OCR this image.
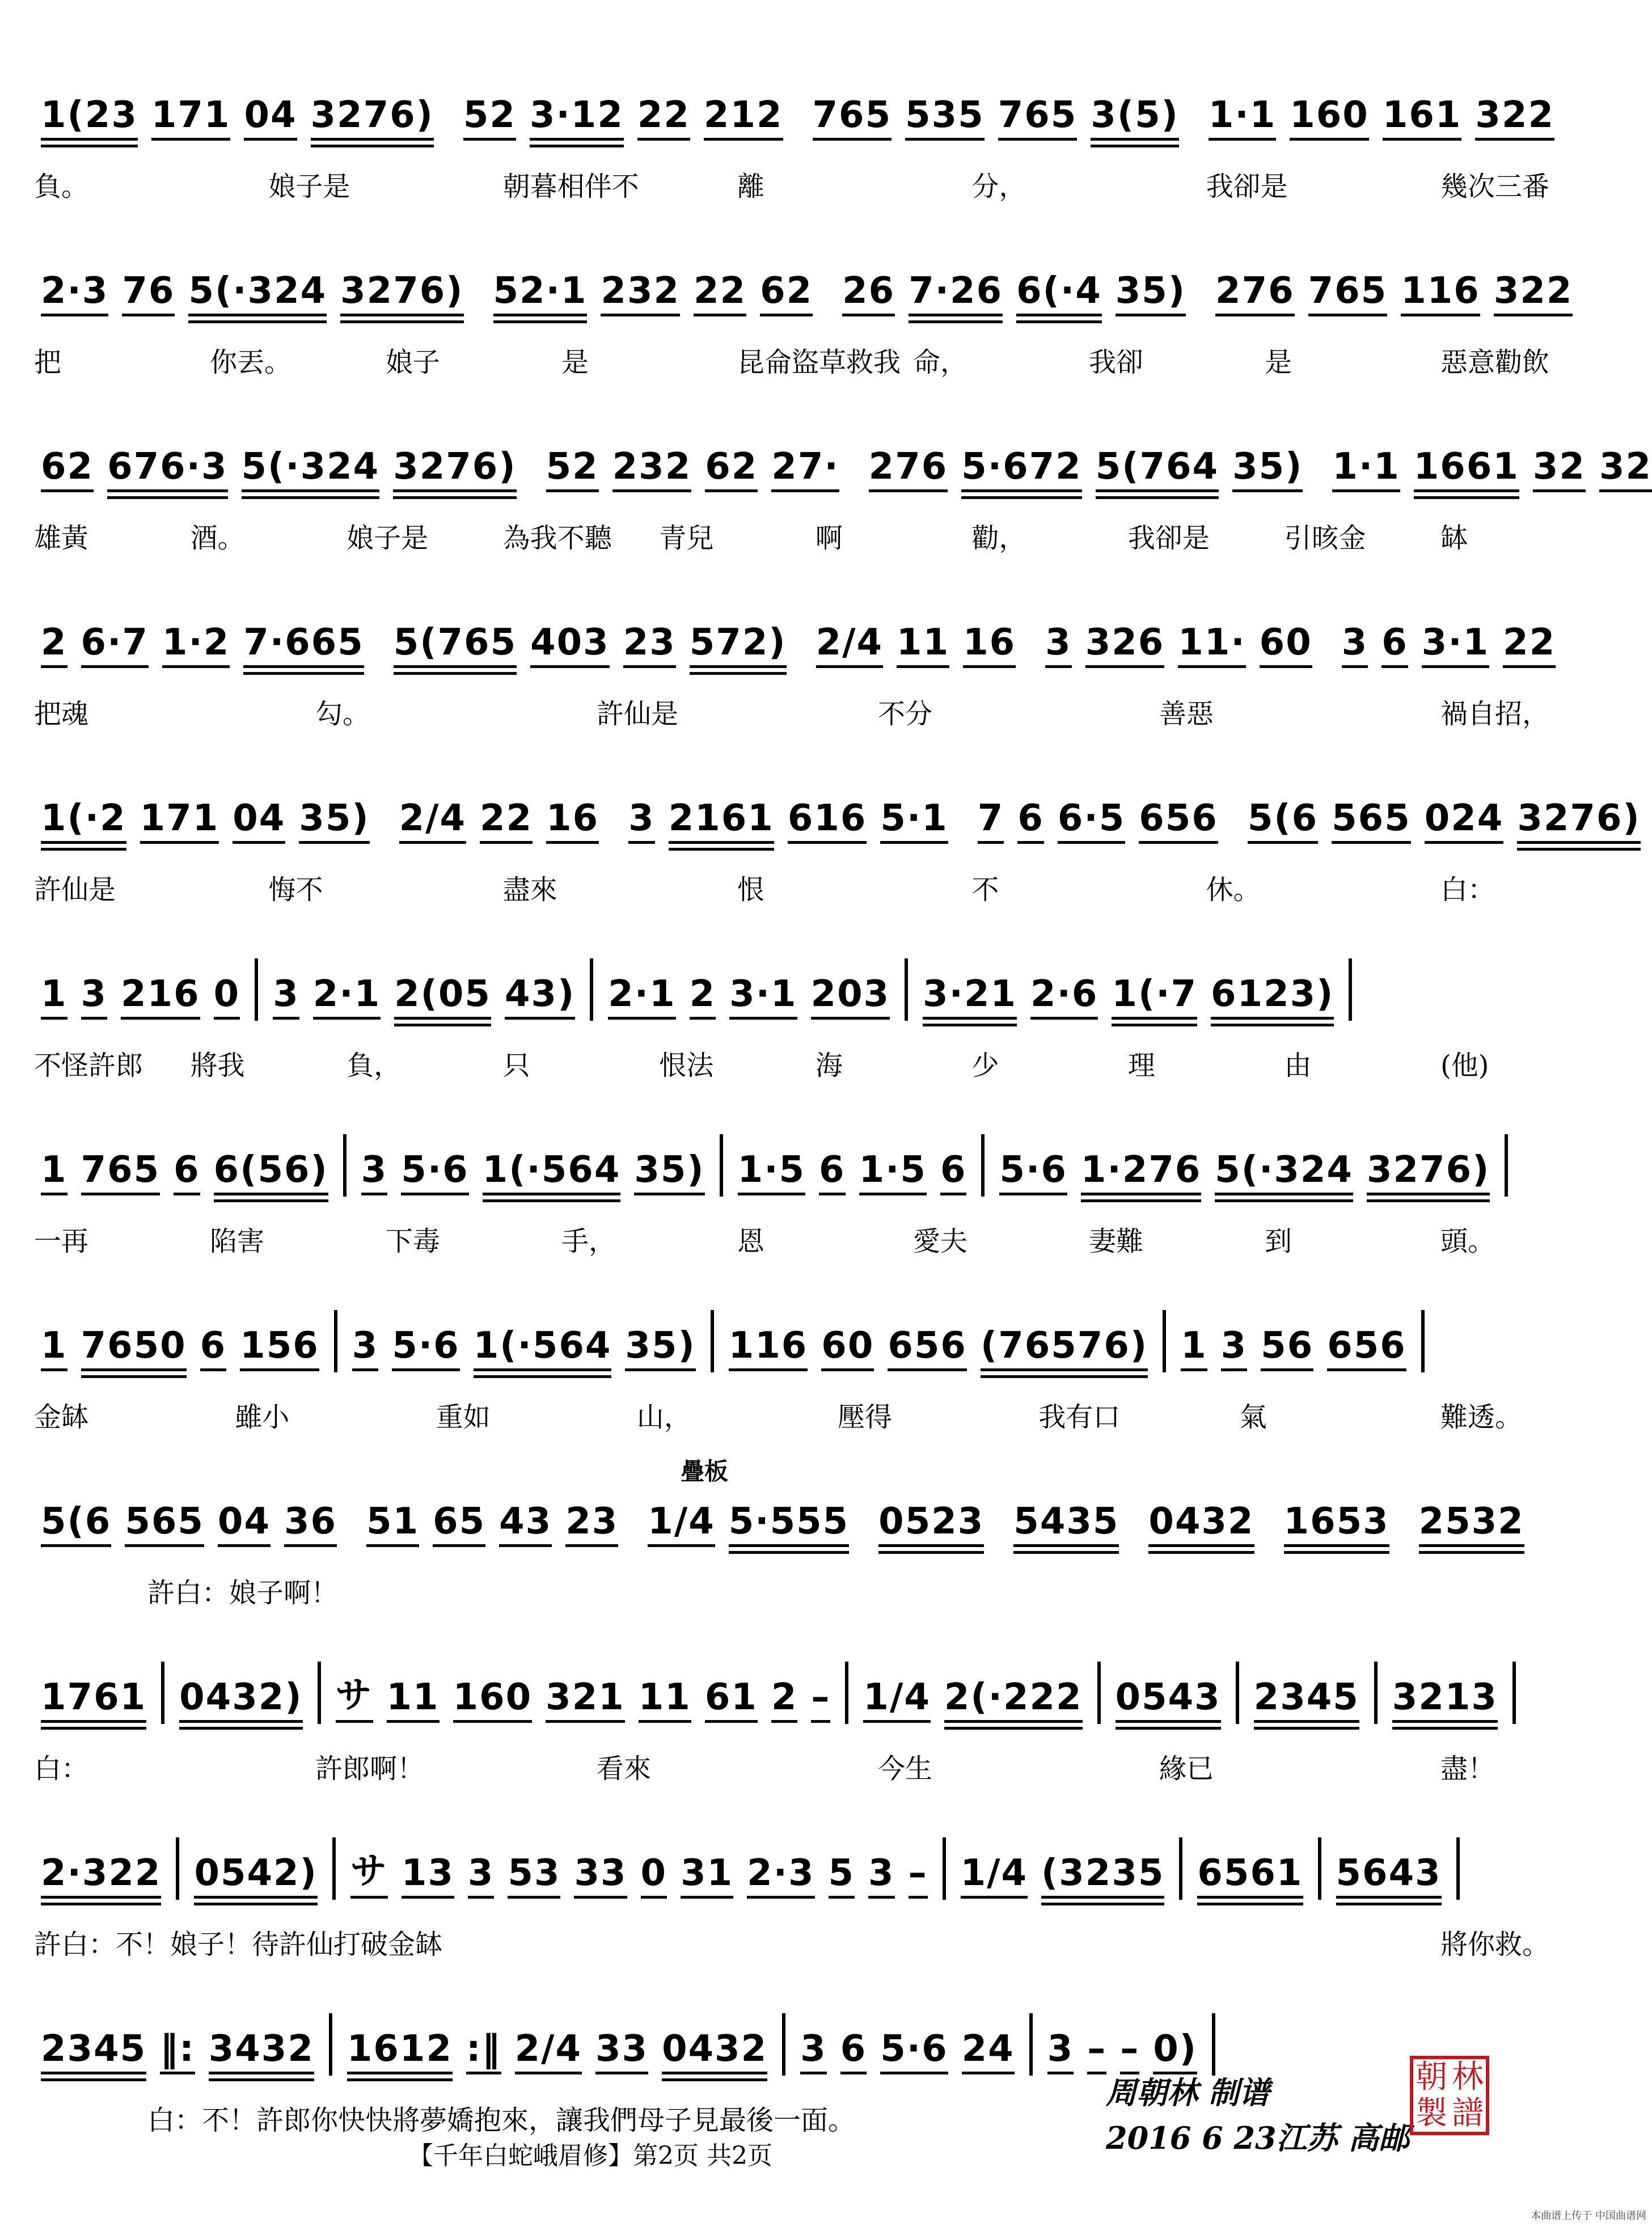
1(23 171 04 3276) 52 3·12 22 212 765 535 765 3(5) 1·1 160 161 322
負。	娘子是	朝暮相伴不	離	分，	我卻是	幾次三番
2·3 76 5(·324 3276) 52·1 232 22 62 26 7·26 6(·4 35) 276 765 116 322
把	你丟。	娘子	是	昆侖盜草救我 命，	我卻	是	惡意勸飲
62 676·3 5(·324 3276) 52 232 62 27· 276 5·672 5(764 35) 1·1 1661 32 32
雄黃	酒。	娘子是	為我不聽 青兒	啊	勸，	我卻是	引晐金	缽
2 6·7 1·2 7·665 5(765 403 23 572) 2/4 11 16 3 326 11· 60 3 6 3·1 22
把魂	勾。	許仙是	不分	善惡	禍自招，
1(·2 171 04 35) 2/4 22 16 3 2161 616 5·1 7 6 6·5 656 5(6 565 024 3276)
許仙是	悔不	盡來	恨	不	休。	白：
1 3 216 0 3 2·1 2(05 43) 2·1 2 3·1 203 3·21 2·6 1(·7 6123)
不怪許郎 將我	負，	只	恨法	海	少	理	由	(他)
1 765 6 6(56) 3 5·6 1(·564 35) 1·5 6 1·5 6 5·6 1·276 5(·324 3276)
一再	陷害	下毒	手，	恩	愛夫	妻難	到	頭。
1 7650 6 156 3 5·6 1(·564 35) 116 60 656 (76576) 1 3 56 656
金缽	雖小	重如	山，	壓得	我有口	氣	難透。
5(6 565 04 36 51 65 43 23 1/4 5·555 0523 5435 0432 1653 2532
疊板
許白：娘子啊！
1761 0432) サ 11 160 321 11 61 2 – 1/4 2(·222 0543 2345 3213
白：	許郎啊！	看來	今生	緣已	盡！
2·322 0542) サ 13 3 53 33 0 31 2·3 5 3 – 1/4 (3235 6561 5643
許白：不！娘子！待許仙打破金缽	將你救。
2345 ‖: 3432 1612 :‖ 2/4 33 0432 3 6 5·6 24 3 – – 0)
白：不！許郎你快快將夢嬌抱來，讓我們母子見最後一面。
【千年白蛇峨眉修】第2页 共2页
周朝林 制谱
2016 6 23江苏 高邮
朝 林
製 譜
本曲谱上传于 中国曲谱网
